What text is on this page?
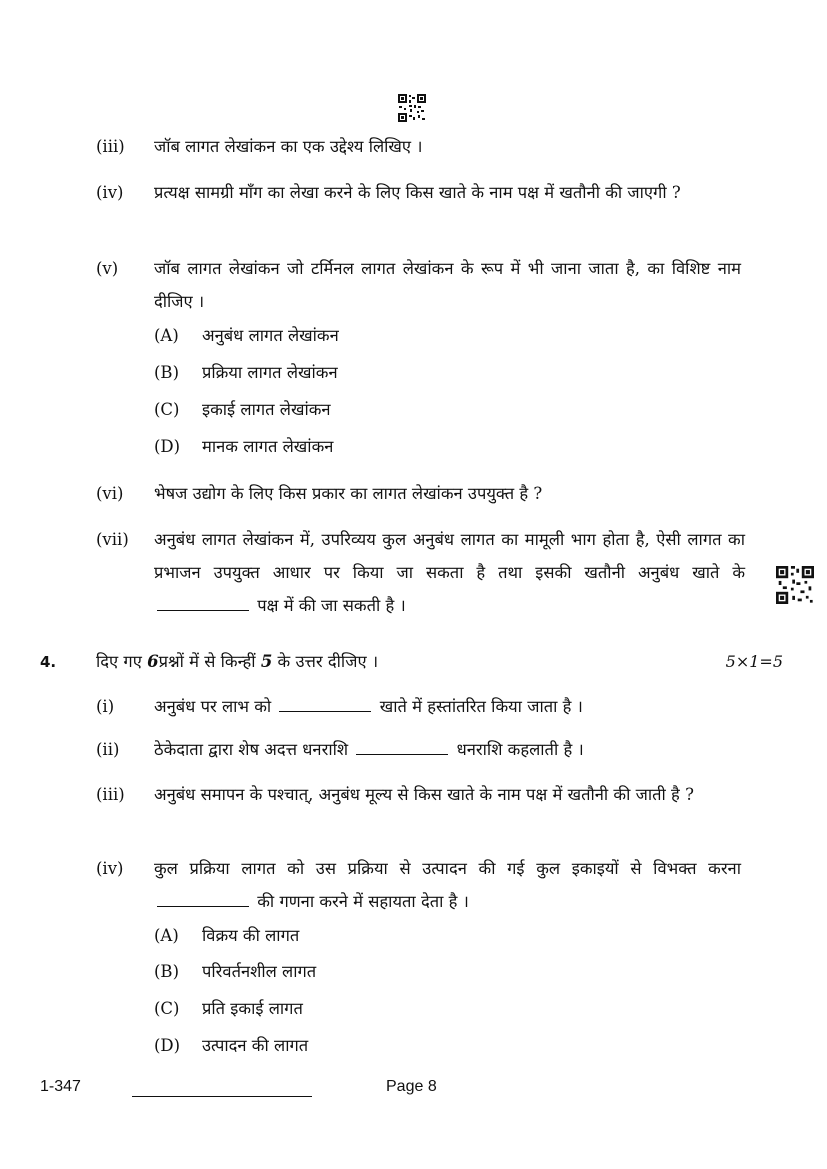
(iii) जॉब लागत लेखांकन का एक उद्देश्य लिखिए ।
(iv) प्रत्यक्ष सामग्री माँग का लेखा करने के लिए किस खाते के नाम पक्ष में खतौनी की जाएगी ?
(v) जॉब लागत लेखांकन जो टर्मिनल लागत लेखांकन के रूप में भी जाना जाता है, का विशिष्ट नाम दीजिए ।
(A) अनुबंध लागत लेखांकन
(B) प्रक्रिया लागत लेखांकन
(C) इकाई लागत लेखांकन
(D) मानक लागत लेखांकन
(vi) भेषज उद्योग के लिए किस प्रकार का लागत लेखांकन उपयुक्त है ?
(vii) अनुबंध लागत लेखांकन में, उपरिव्यय कुल अनुबंध लागत का मामूली भाग होता है, ऐसी लागत का प्रभाजन उपयुक्त आधार पर किया जा सकता है तथा इसकी खतौनी अनुबंध खाते के  पक्ष में की जा सकती है ।
4. दिए गए 6प्रश्नों में से किन्हीं 5 के उत्तर दीजिए ।	5×1=5
(i) अनुबंध पर लाभ को	खाते में हस्तांतरित किया जाता है ।
(ii) ठेकेदाता द्वारा शेष अदत्त धनराशि	धनराशि कहलाती है ।
(iii) अनुबंध समापन के पश्चात्, अनुबंध मूल्य से किस खाते के नाम पक्ष में खतौनी की जाती है ?
(iv) कुल प्रक्रिया लागत को उस प्रक्रिया से उत्पादन की गई कुल इकाइयों से विभक्त करना  की गणना करने में सहायता देता है ।
(A) विक्रय की लागत
(B) परिवर्तनशील लागत
(C) प्रति इकाई लागत
(D) उत्पादन की लागत
1-347	Page 8
